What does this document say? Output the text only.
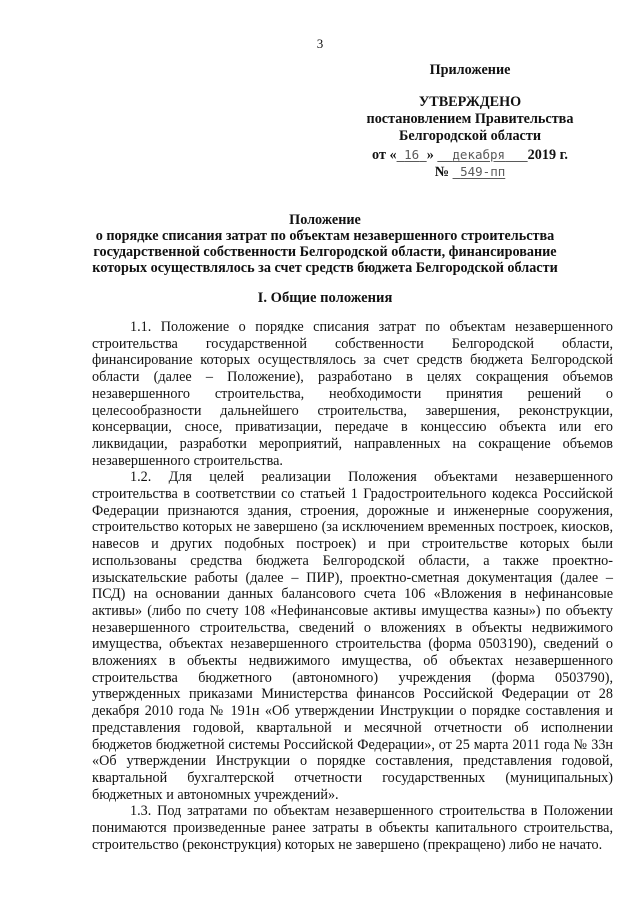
3
Приложение
УТВЕРЖДЕНО
постановлением Правительства
Белгородской области
от « 16 » декабря 2019 г.
№ 549-пп
Положение
о порядке списания затрат по объектам незавершенного строительства
государственной собственности Белгородской области, финансирование
которых осуществлялось за счет средств бюджета Белгородской области
I. Общие положения

1.1. Положение о порядке списания затрат по объектам незавершенного строительства государственной собственности Белгородской области, финансирование которых осуществлялось за счет средств бюджета Белгородской области (далее – Положение), разработано в целях сокращения объемов незавершенного строительства, необходимости принятия решений о целесообразности дальнейшего строительства, завершения, реконструкции, консервации, сносе, приватизации, передаче в концессию объекта или его ликвидации, разработки мероприятий, направленных на сокращение объемов незавершенного строительства.

1.2. Для целей реализации Положения объектами незавершенного строительства в соответствии со статьей 1 Градостроительного кодекса Российской Федерации признаются здания, строения, дорожные и инженерные сооружения, строительство которых не завершено (за исключением временных построек, киосков, навесов и других подобных построек) и при строительстве которых были использованы средства бюджета Белгородской области, а также проектно-изыскательские работы (далее – ПИР), проектно-сметная документация (далее – ПСД) на основании данных балансового счета 106 «Вложения в нефинансовые активы» (либо по счету 108 «Нефинансовые активы имущества казны») по объекту незавершенного строительства, сведений о вложениях в объекты недвижимого имущества, объектах незавершенного строительства (форма 0503190), сведений о вложениях в объекты недвижимого имущества, об объектах незавершенного строительства бюджетного (автономного) учреждения (форма 0503790), утвержденных приказами Министерства финансов Российской Федерации от 28 декабря 2010 года № 191н «Об утверждении Инструкции о порядке составления и представления годовой, квартальной и месячной отчетности об исполнении бюджетов бюджетной системы Российской Федерации», от 25 марта 2011 года № 33н «Об утверждении Инструкции о порядке составления, представления годовой, квартальной бухгалтерской отчетности государственных (муниципальных) бюджетных и автономных учреждений».

1.3. Под затратами по объектам незавершенного строительства в Положении понимаются произведенные ранее затраты в объекты капитального строительства, строительство (реконструкция) которых не завершено (прекращено) либо не начато.
